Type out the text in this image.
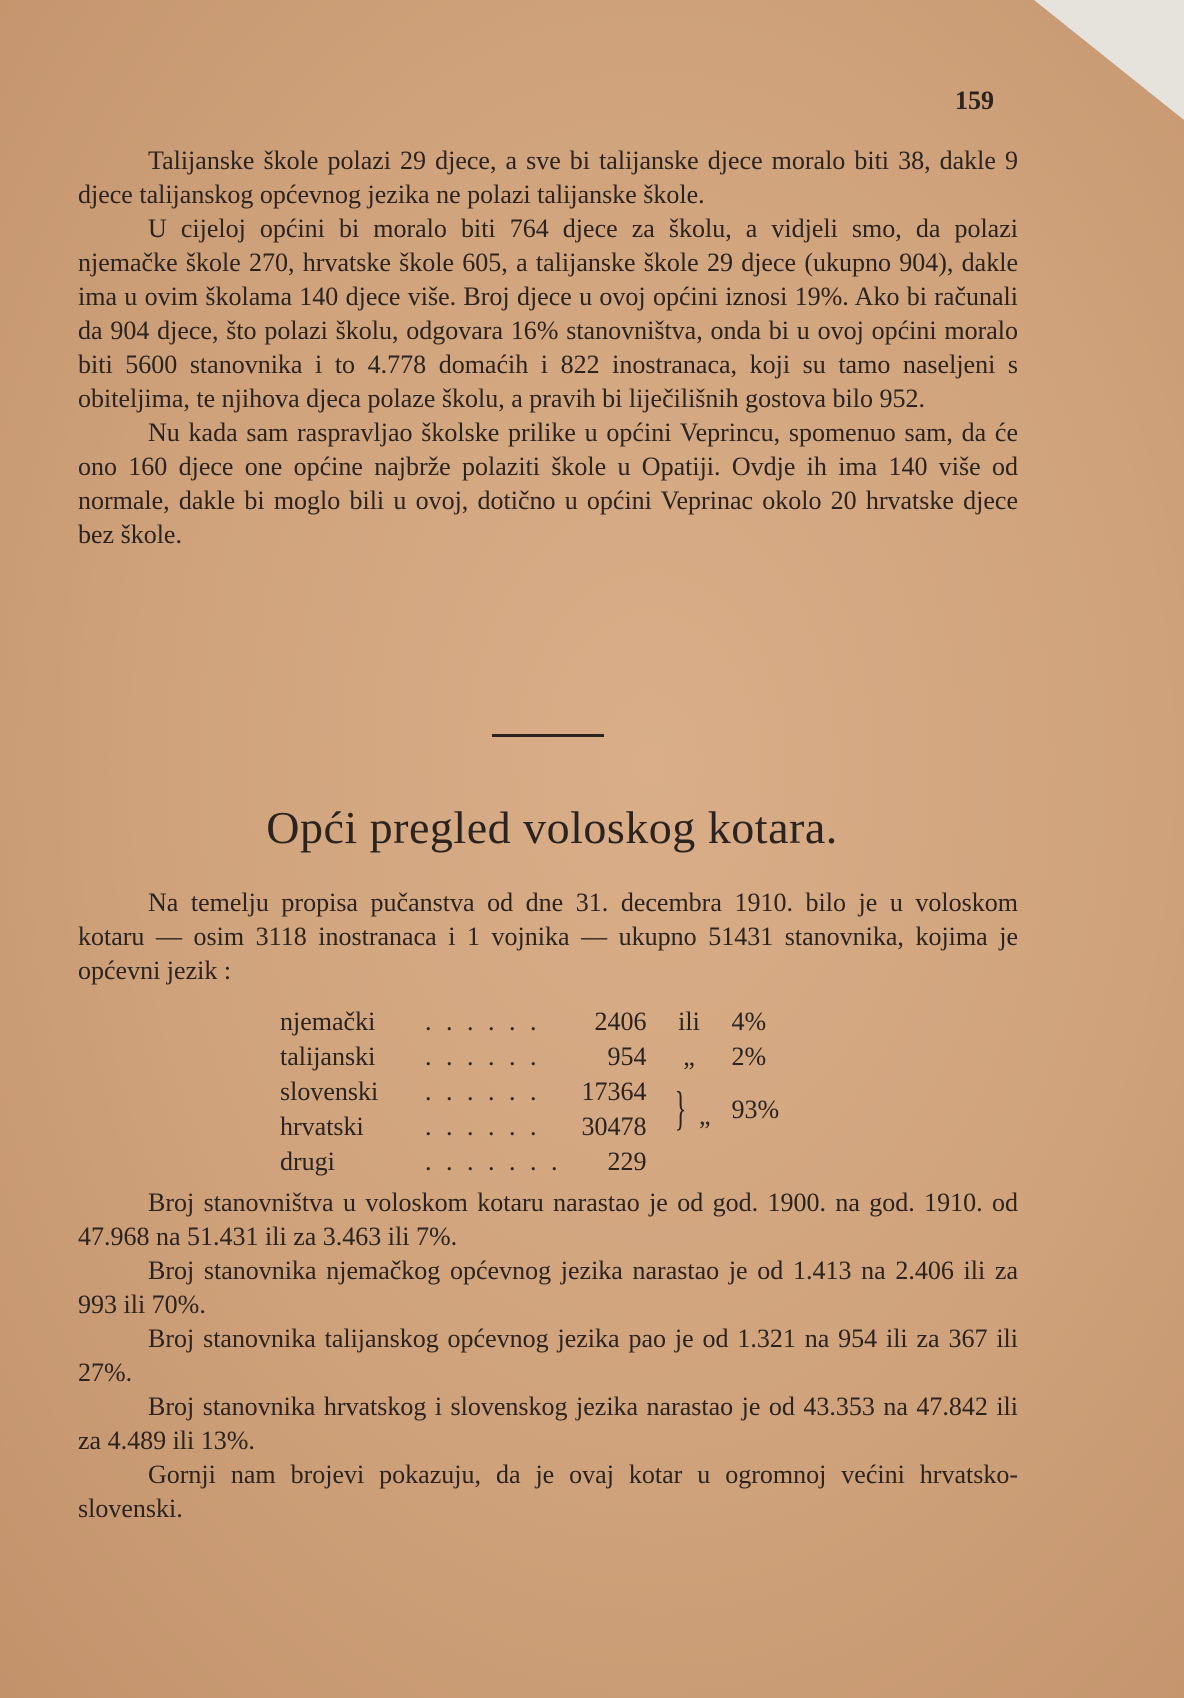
159

Talijanske škole polazi 29 djece, a sve bi talijanske djece moralo biti 38, dakle 9 djece talijanskog općevnog jezika ne polazi talijanske škole.

U cijeloj općini bi moralo biti 764 djece za školu, a vidjeli smo, da polazi njemačke škole 270, hrvatske škole 605, a talijanske škole 29 djece (ukupno 904), dakle ima u ovim školama 140 djece više. Broj djece u ovoj općini iznosi 19%. Ako bi računali da 904 djece, što polazi školu, odgovara 16% stanovništva, onda bi u ovoj općini moralo biti 5600 stanovnika i to 4.778 domaćih i 822 inostranaca, koji su tamo naseljeni s obiteljima, te njihova djeca polaze školu, a pravih bi liječilišnih gostova bilo 952.

Nu kada sam raspravljao školske prilike u općini Veprincu, spomenuo sam, da će ono 160 djece one općine najbrže polaziti škole u Opatiji. Ovdje ih ima 140 više od normale, dakle bi moglo bili u ovoj, dotično u općini Veprinac okolo 20 hrvatske djece bez škole.

Opći pregled voloskog kotara.

Na temelju propisa pučanstva od dne 31. decembra 1910. bilo je u voloskom kotaru — osim 3118 inostranaca i 1 vojnika — ukupno 51431 stanovnika, kojima je općevni jezik :

njemački	. . . . . .	2406	ili	4%
talijanski	. . . . . .	954	„	2%
slovenski	. . . . . .	17364	} „	93%
hrvatski	. . . . . .	30478		
drugi	. . . . . . .	229		

Broj stanovništva u voloskom kotaru narastao je od god. 1900. na god. 1910. od 47.968 na 51.431 ili za 3.463 ili 7%.

Broj stanovnika njemačkog općevnog jezika narastao je od 1.413 na 2.406 ili za 993 ili 70%.

Broj stanovnika talijanskog općevnog jezika pao je od 1.321 na 954 ili za 367 ili 27%.

Broj stanovnika hrvatskog i slovenskog jezika narastao je od 43.353 na 47.842 ili za 4.489 ili 13%.

Gornji nam brojevi pokazuju, da je ovaj kotar u ogromnoj većini hrvatsko-slovenski.
